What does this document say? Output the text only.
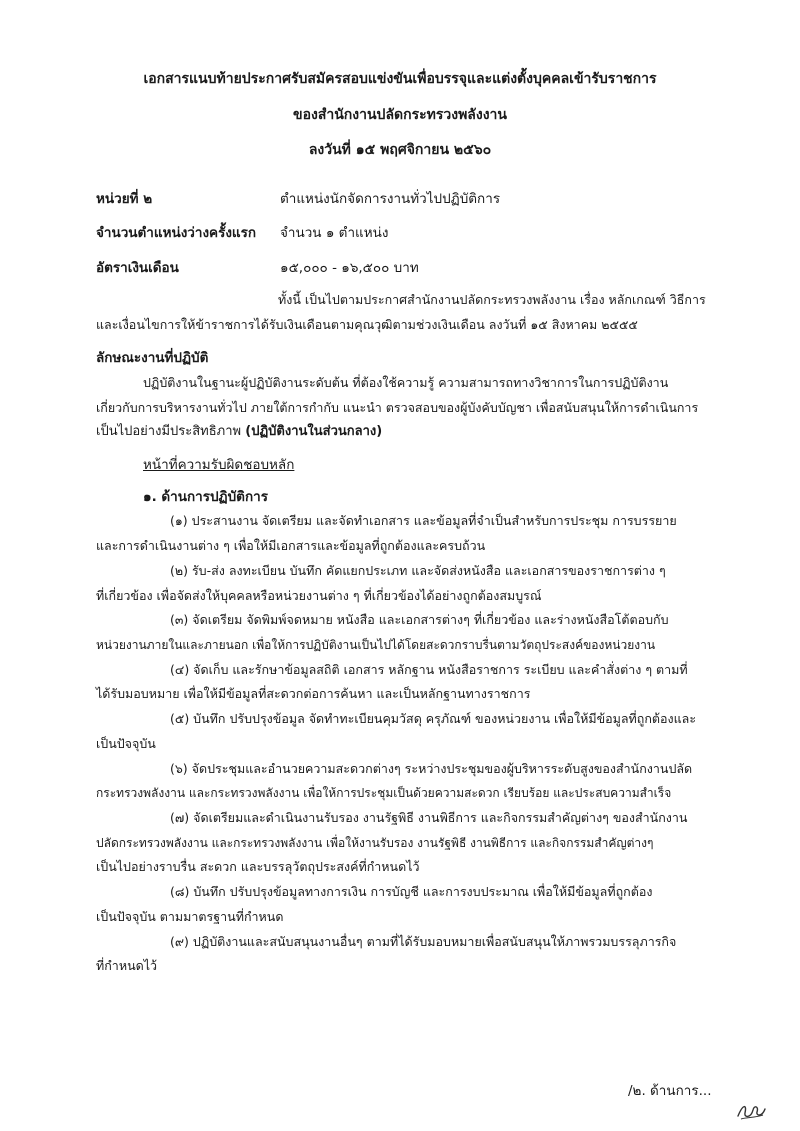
เอกสารแนบท้ายประกาศรับสมัครสอบแข่งขันเพื่อบรรจุและแต่งตั้งบุคคลเข้ารับราชการ
ของสำนักงานปลัดกระทรวงพลังงาน
ลงวันที่ ๑๕ พฤศจิกายน ๒๕๖๐
หน่วยที่ ๒	ตำแหน่งนักจัดการงานทั่วไปปฏิบัติการ
จำนวนตำแหน่งว่างครั้งแรก จำนวน ๑ ตำแหน่ง
อัตราเงินเดือน	๑๕,๐๐๐ - ๑๖,๕๐๐ บาท
ทั้งนี้ เป็นไปตามประกาศสำนักงานปลัดกระทรวงพลังงาน เรื่อง หลักเกณฑ์ วิธีการ
และเงื่อนไขการให้ข้าราชการได้รับเงินเดือนตามคุณวุฒิตามช่วงเงินเดือน ลงวันที่ ๑๕ สิงหาคม ๒๕๕๕
ลักษณะงานที่ปฏิบัติ
ปฏิบัติงานในฐานะผู้ปฏิบัติงานระดับต้น ที่ต้องใช้ความรู้ ความสามารถทางวิชาการในการปฏิบัติงาน
เกี่ยวกับการบริหารงานทั่วไป ภายใต้การกำกับ แนะนำ ตรวจสอบของผู้บังคับบัญชา เพื่อสนับสนุนให้การดำเนินการ
เป็นไปอย่างมีประสิทธิภาพ (ปฏิบัติงานในส่วนกลาง)
หน้าที่ความรับผิดชอบหลัก
๑. ด้านการปฏิบัติการ
(๑) ประสานงาน จัดเตรียม และจัดทำเอกสาร และข้อมูลที่จำเป็นสำหรับการประชุม การบรรยาย
และการดำเนินงานต่าง ๆ เพื่อให้มีเอกสารและข้อมูลที่ถูกต้องและครบถ้วน
(๒) รับ-ส่ง ลงทะเบียน บันทึก คัดแยกประเภท และจัดส่งหนังสือ และเอกสารของราชการต่าง ๆ
ที่เกี่ยวข้อง เพื่อจัดส่งให้บุคคลหรือหน่วยงานต่าง ๆ ที่เกี่ยวข้องได้อย่างถูกต้องสมบูรณ์
(๓) จัดเตรียม จัดพิมพ์จดหมาย หนังสือ และเอกสารต่างๆ ที่เกี่ยวข้อง และร่างหนังสือโต้ตอบกับ
หน่วยงานภายในและภายนอก เพื่อให้การปฏิบัติงานเป็นไปได้โดยสะดวกราบรื่นตามวัตถุประสงค์ของหน่วยงาน
(๔) จัดเก็บ และรักษาข้อมูลสถิติ เอกสาร หลักฐาน หนังสือราชการ ระเบียบ และคำสั่งต่าง ๆ ตามที่
ได้รับมอบหมาย เพื่อให้มีข้อมูลที่สะดวกต่อการค้นหา และเป็นหลักฐานทางราชการ
(๕) บันทึก ปรับปรุงข้อมูล จัดทำทะเบียนคุมวัสดุ ครุภัณฑ์ ของหน่วยงาน เพื่อให้มีข้อมูลที่ถูกต้องและ
เป็นปัจจุบัน
(๖) จัดประชุมและอำนวยความสะดวกต่างๆ ระหว่างประชุมของผู้บริหารระดับสูงของสำนักงานปลัด
กระทรวงพลังงาน และกระทรวงพลังงาน เพื่อให้การประชุมเป็นด้วยความสะดวก เรียบร้อย และประสบความสำเร็จ
(๗) จัดเตรียมและดำเนินงานรับรอง งานรัฐพิธี งานพิธีการ และกิจกรรมสำคัญต่างๆ ของสำนักงาน
ปลัดกระทรวงพลังงาน และกระทรวงพลังงาน เพื่อให้งานรับรอง งานรัฐพิธี งานพิธีการ และกิจกรรมสำคัญต่างๆ
เป็นไปอย่างราบรื่น สะดวก และบรรลุวัตถุประสงค์ที่กำหนดไว้
(๘) บันทึก ปรับปรุงข้อมูลทางการเงิน การบัญชี และการงบประมาณ เพื่อให้มีข้อมูลที่ถูกต้อง
เป็นปัจจุบัน ตามมาตรฐานที่กำหนด
(๙) ปฏิบัติงานและสนับสนุนงานอื่นๆ ตามที่ได้รับมอบหมายเพื่อสนับสนุนให้ภาพรวมบรรลุภารกิจ
ที่กำหนดไว้
/๒. ด้านการ...
